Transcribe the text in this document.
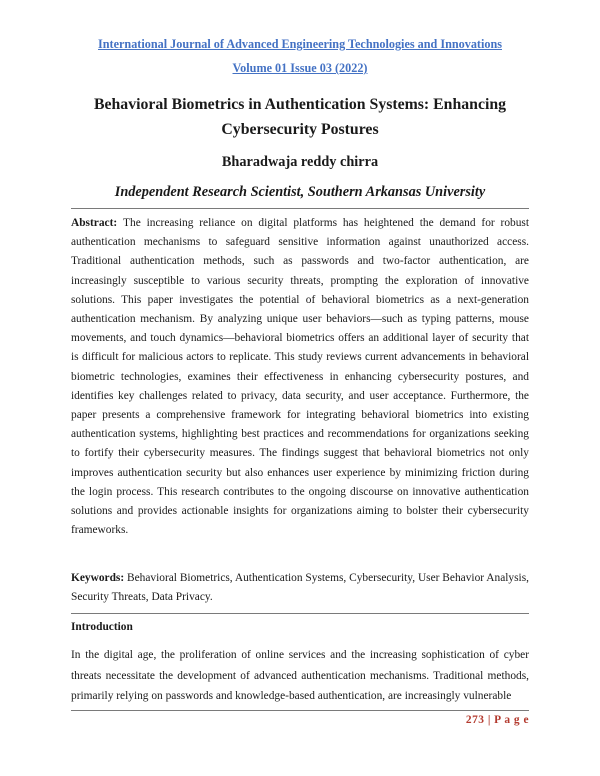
International Journal of Advanced Engineering Technologies and Innovations
Volume 01 Issue 03 (2022)
Behavioral Biometrics in Authentication Systems: Enhancing Cybersecurity Postures
Bharadwaja reddy chirra
Independent Research Scientist, Southern Arkansas University
Abstract: The increasing reliance on digital platforms has heightened the demand for robust authentication mechanisms to safeguard sensitive information against unauthorized access. Traditional authentication methods, such as passwords and two-factor authentication, are increasingly susceptible to various security threats, prompting the exploration of innovative solutions. This paper investigates the potential of behavioral biometrics as a next-generation authentication mechanism. By analyzing unique user behaviors—such as typing patterns, mouse movements, and touch dynamics—behavioral biometrics offers an additional layer of security that is difficult for malicious actors to replicate. This study reviews current advancements in behavioral biometric technologies, examines their effectiveness in enhancing cybersecurity postures, and identifies key challenges related to privacy, data security, and user acceptance. Furthermore, the paper presents a comprehensive framework for integrating behavioral biometrics into existing authentication systems, highlighting best practices and recommendations for organizations seeking to fortify their cybersecurity measures. The findings suggest that behavioral biometrics not only improves authentication security but also enhances user experience by minimizing friction during the login process. This research contributes to the ongoing discourse on innovative authentication solutions and provides actionable insights for organizations aiming to bolster their cybersecurity frameworks.
Keywords: Behavioral Biometrics, Authentication Systems, Cybersecurity, User Behavior Analysis, Security Threats, Data Privacy.
Introduction
In the digital age, the proliferation of online services and the increasing sophistication of cyber threats necessitate the development of advanced authentication mechanisms. Traditional methods, primarily relying on passwords and knowledge-based authentication, are increasingly vulnerable
273 | P a g e
